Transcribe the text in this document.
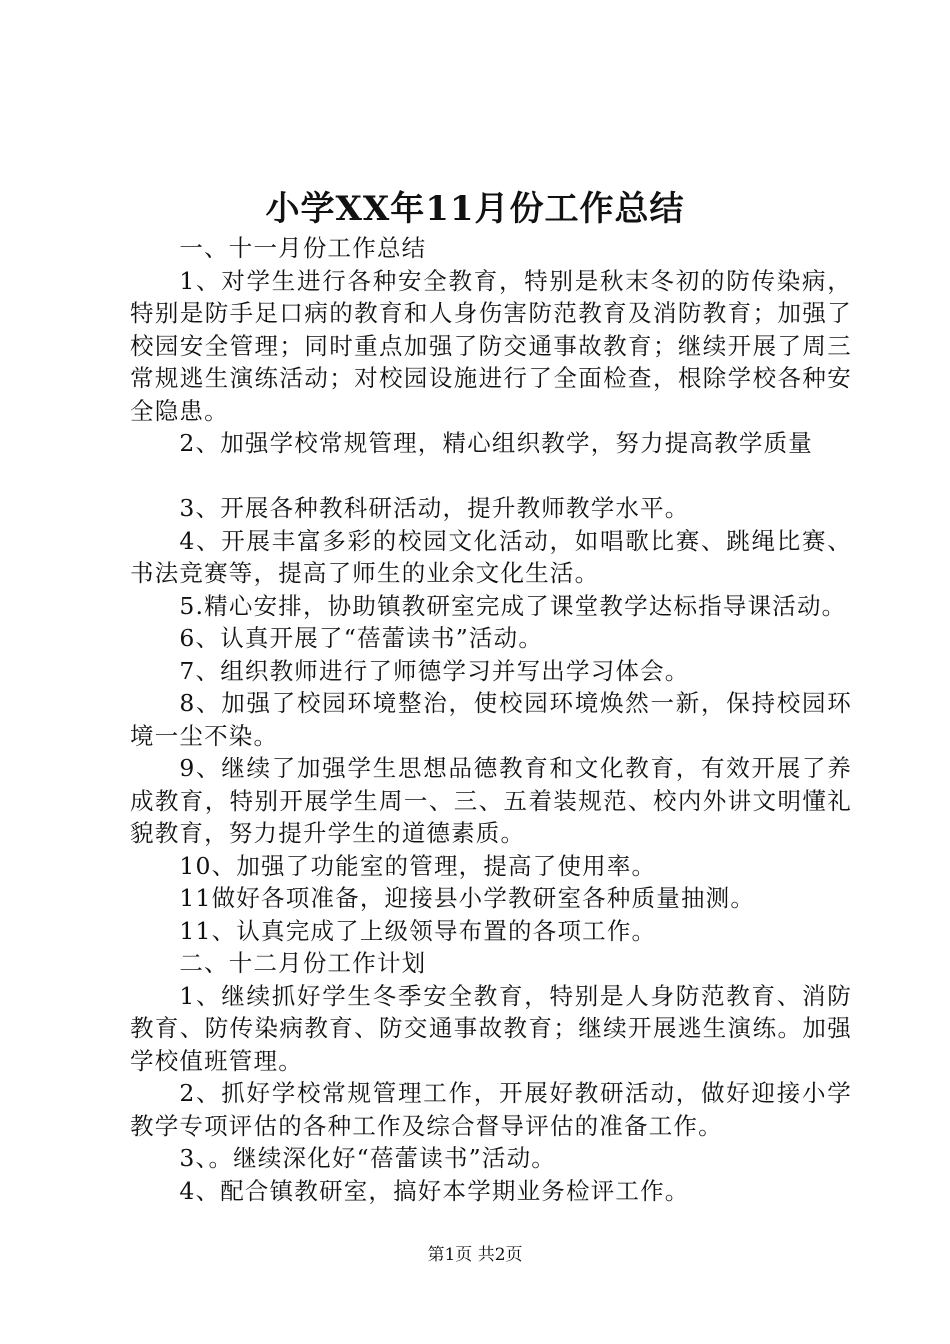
小学XX年11月份工作总结

一、十一月份工作总结

1、对学生进行各种安全教育，特别是秋末冬初的防传染病，特别是防手足口病的教育和人身伤害防范教育及消防教育；加强了校园安全管理；同时重点加强了防交通事故教育；继续开展了周三常规逃生演练活动；对校园设施进行了全面检查，根除学校各种安全隐患。

2、加强学校常规管理，精心组织教学，努力提高教学质量

3、开展各种教科研活动，提升教师教学水平。

4、开展丰富多彩的校园文化活动，如唱歌比赛、跳绳比赛、书法竞赛等，提高了师生的业余文化生活。

5.精心安排，协助镇教研室完成了课堂教学达标指导课活动。

6、认真开展了“蓓蕾读书”活动。

7、组织教师进行了师德学习并写出学习体会。

8、加强了校园环境整治，使校园环境焕然一新，保持校园环境一尘不染。

9、继续了加强学生思想品德教育和文化教育，有效开展了养成教育，特别开展学生周一、三、五着装规范、校内外讲文明懂礼貌教育，努力提升学生的道德素质。

10、加强了功能室的管理，提高了使用率。

11做好各项准备，迎接县小学教研室各种质量抽测。

11、认真完成了上级领导布置的各项工作。

二、十二月份工作计划

1、继续抓好学生冬季安全教育，特别是人身防范教育、消防教育、防传染病教育、防交通事故教育；继续开展逃生演练。加强学校值班管理。

2、抓好学校常规管理工作，开展好教研活动，做好迎接小学教学专项评估的各种工作及综合督导评估的准备工作。

3、。继续深化好“蓓蕾读书”活动。

4、配合镇教研室，搞好本学期业务检评工作。

第1页 共2页
